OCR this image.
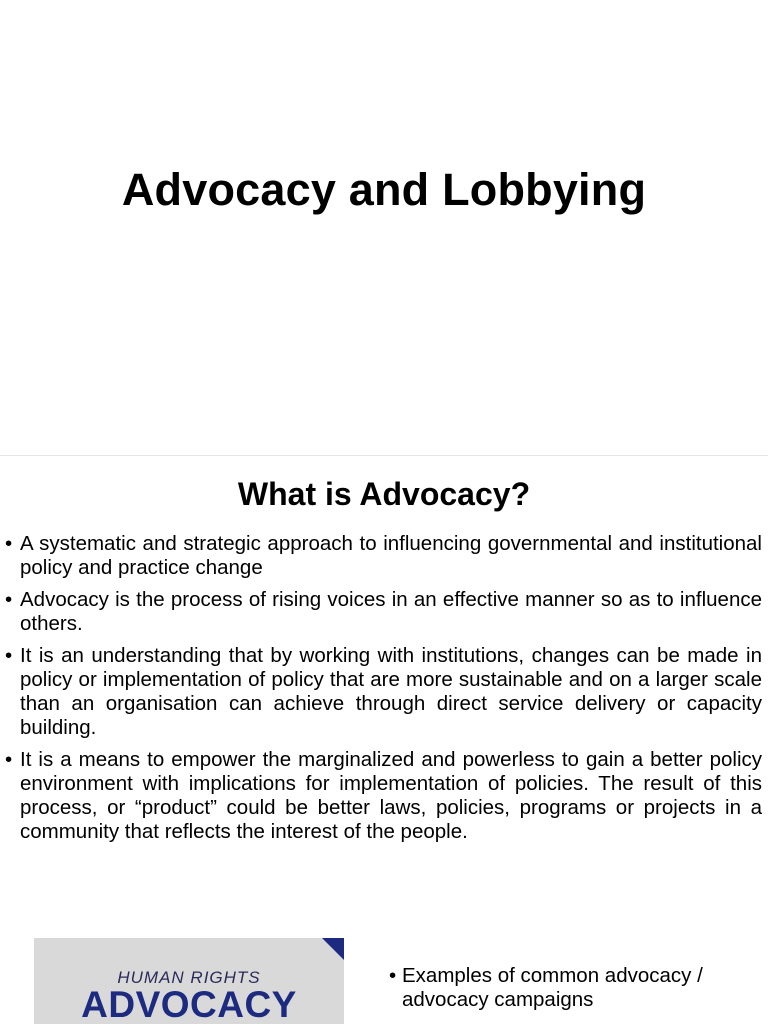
Advocacy and Lobbying
What is Advocacy?
• A systematic and strategic approach to influencing governmental and institutional policy and practice change
• Advocacy is the process of rising voices in an effective manner so as to influence others.
• It is an understanding that by working with institutions, changes can be made in policy or implementation of policy that are more sustainable and on a larger scale than an organisation can achieve through direct service delivery or capacity building.
• It is a means to empower the marginalized and powerless to gain a better policy environment with implications for implementation of policies. The result of this process, or “product” could be better laws, policies, programs or projects in a community that reflects the interest of the people.
HUMAN RIGHTS
ADVOCACY
• Examples of common advocacy / advocacy campaigns
